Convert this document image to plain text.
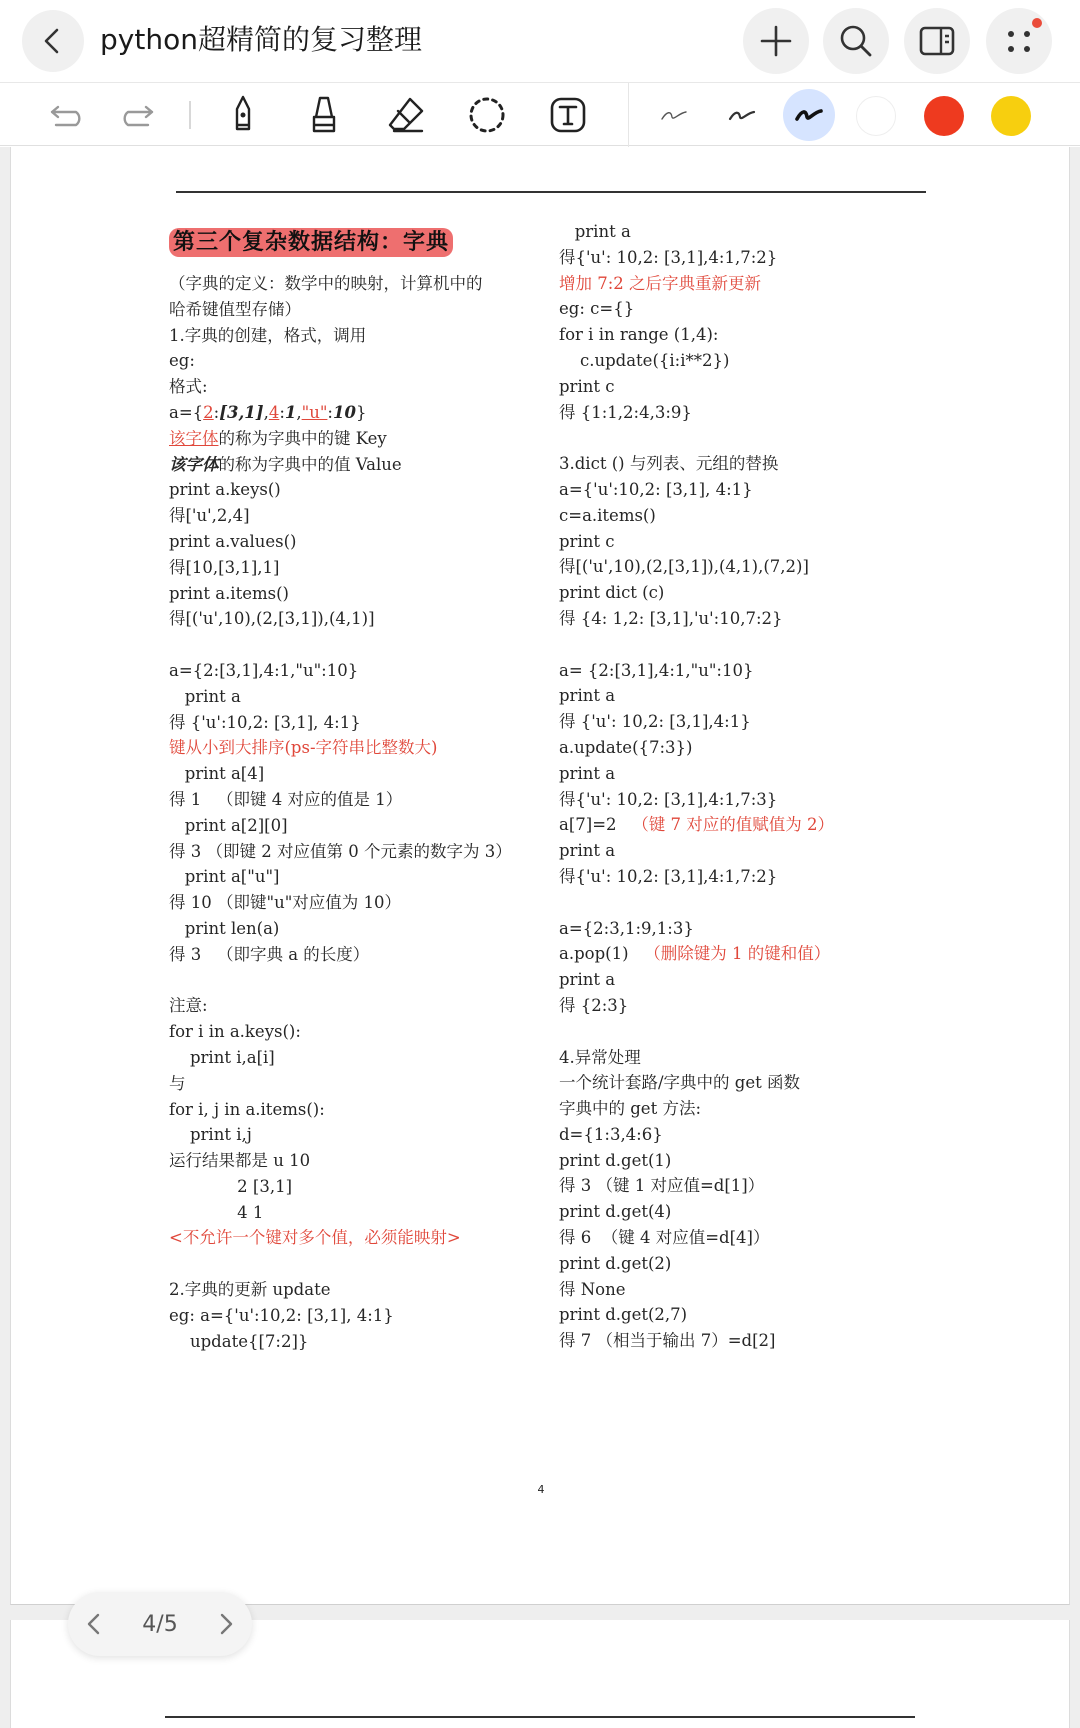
python超精简的复习整理
第三个复杂数据结构：字典
（字典的定义：数学中的映射，计算机中的
哈希键值型存储）
1.字典的创建，格式，调用
eg:
格式:
a={2:[3,1],4:1,"u":10}
该字体的称为字典中的键 Key
该字体的称为字典中的值 Value
print a.keys()
得['u',2,4]
print a.values()
得[10,[3,1],1]
print a.items()
得[('u',10),(2,[3,1]),(4,1)]
a={2:[3,1],4:1,"u":10}
print a
得 {'u':10,2: [3,1], 4:1}
键从小到大排序(ps-字符串比整数大)
print a[4]
得 1   （即键 4 对应的值是 1）
print a[2][0]
得 3 （即键 2 对应值第 0 个元素的数字为 3）
print a["u"]
得 10 （即键"u"对应值为 10）
print len(a)
得 3   （即字典 a 的长度）
注意:
for i in a.keys():
print i,a[i]
与
for i, j in a.items():
print i,j
运行结果都是 u 10
2 [3,1]
4 1
<不允许一个键对多个值，必须能映射>
2.字典的更新 update
eg: a={'u':10,2: [3,1], 4:1}
update{[7:2]}
print a
得{'u': 10,2: [3,1],4:1,7:2}
增加 7:2 之后字典重新更新
eg: c={}
for i in range (1,4):
c.update({i:i**2})
print c
得 {1:1,2:4,3:9}
3.dict () 与列表、元组的替换
a={'u':10,2: [3,1], 4:1}
c=a.items()
print c
得[('u',10),(2,[3,1]),(4,1),(7,2)]
print dict (c)
得 {4: 1,2: [3,1],'u':10,7:2}
a= {2:[3,1],4:1,"u":10}
print a
得 {'u': 10,2: [3,1],4:1}
a.update({7:3})
print a
得{'u': 10,2: [3,1],4:1,7:3}
a[7]=2   （键 7 对应的值赋值为 2）
print a
得{'u': 10,2: [3,1],4:1,7:2}
a={2:3,1:9,1:3}
a.pop(1)   （删除键为 1 的键和值）
print a
得 {2:3}
4.异常处理
一个统计套路/字典中的 get 函数
字典中的 get 方法:
d={1:3,4:6}
print d.get(1)
得 3 （键 1 对应值=d[1]）
print d.get(4)
得 6  （键 4 对应值=d[4]）
print d.get(2)
得 None
print d.get(2,7)
得 7 （相当于输出 7）=d[2]
4
4/5
